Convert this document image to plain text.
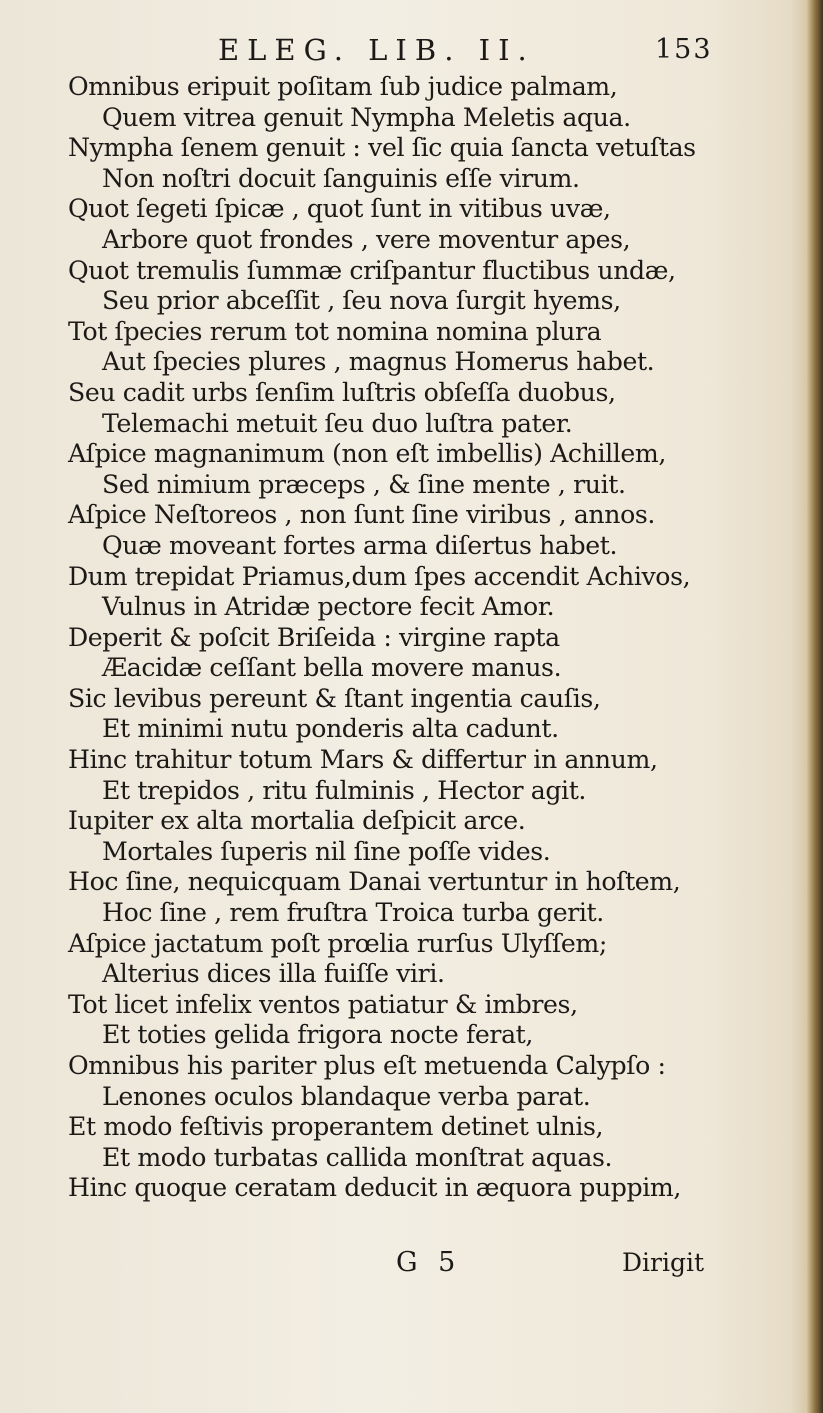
ELEG. LIB. II.	153
Omnibus eripuit poſitam ſub judice palmam,
Quem vitrea genuit Nympha Meletis aqua.
Nympha ſenem genuit : vel ſic quia ſancta vetuſtas
Non noſtri docuit ſanguinis eſſe virum.
Quot ſegeti ſpicæ , quot ſunt in vitibus uvæ,
Arbore quot frondes , vere moventur apes,
Quot tremulis ſummæ criſpantur fluctibus undæ,
Seu prior abceſſit , ſeu nova ſurgit hyems,
Tot ſpecies rerum tot nomina nomina plura
Aut ſpecies plures , magnus Homerus habet.
Seu cadit urbs ſenſim luſtris obſeſſa duobus,
Telemachi metuit ſeu duo luſtra pater.
Aſpice magnanimum (non eſt imbellis) Achillem,
Sed nimium præceps , & ſine mente , ruit.
Aſpice Neſtoreos , non ſunt ſine viribus , annos.
Quæ moveant fortes arma diſertus habet.
Dum trepidat Priamus,dum ſpes accendit Achivos,
Vulnus in Atridæ pectore fecit Amor.
Deperit & poſcit Briſeida : virgine rapta
Æacidæ ceſſant bella movere manus.
Sic levibus pereunt & ſtant ingentia cauſis,
Et minimi nutu ponderis alta cadunt.
Hinc trahitur totum Mars & differtur in annum,
Et trepidos , ritu fulminis , Hector agit.
Iupiter ex alta mortalia deſpicit arce.
Mortales ſuperis nil ſine poſſe vides.
Hoc ſine, nequicquam Danai vertuntur in hoſtem,
Hoc ſine , rem fruſtra Troica turba gerit.
Aſpice jactatum poſt prœlia rurſus Ulyſſem;
Alterius dices illa fuiſſe viri.
Tot licet infelix ventos patiatur & imbres,
Et toties gelida frigora nocte ferat,
Omnibus his pariter plus eſt metuenda Calypſo :
Lenones oculos blandaque verba parat.
Et modo feſtivis properantem detinet ulnis,
Et modo turbatas callida monſtrat aquas.
Hinc quoque ceratam deducit in æquora puppim,
G 5	Dirigit
